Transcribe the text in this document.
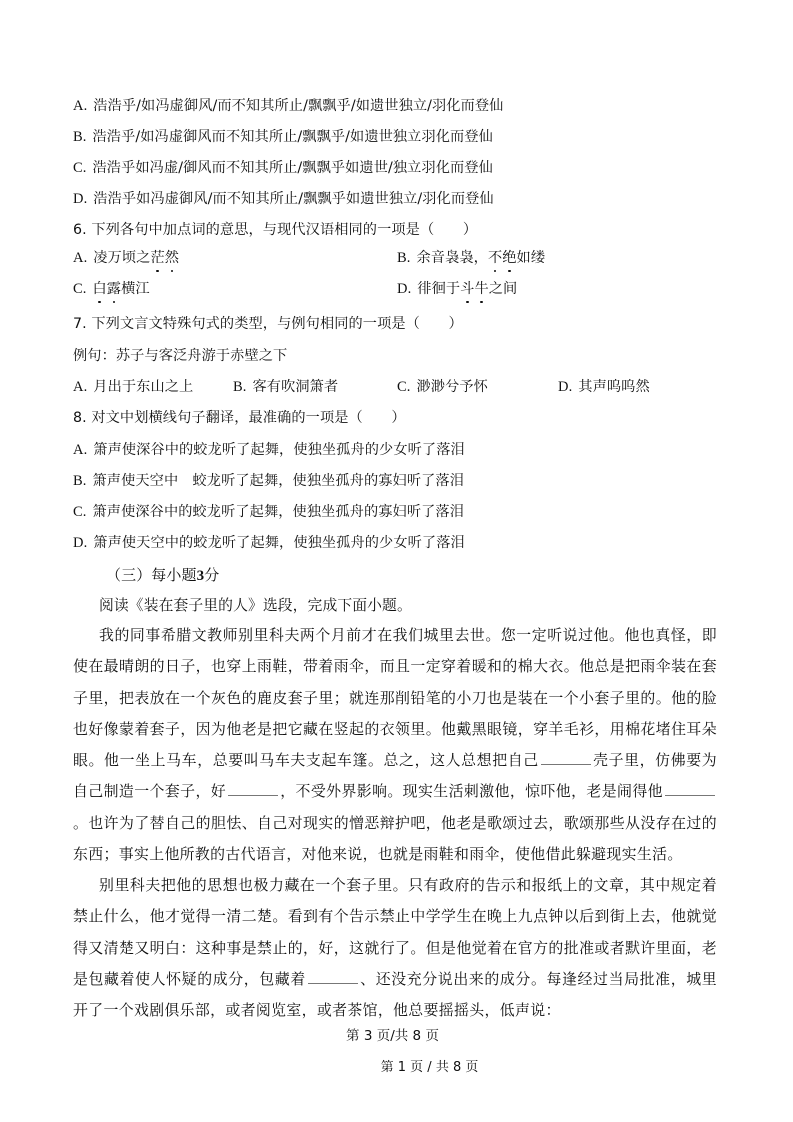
A. 浩浩乎/如冯虚御风/而不知其所止/飘飘乎/如遗世独立/羽化而登仙
B. 浩浩乎/如冯虚御风而不知其所止/飘飘乎/如遗世独立羽化而登仙
C. 浩浩乎如冯虚/御风而不知其所止/飘飘乎如遗世/独立羽化而登仙
D. 浩浩乎如冯虚御风/而不知其所止/飘飘乎如遗世独立/羽化而登仙
6. 下列各句中加点词的意思，与现代汉语相同的一项是（　　）
A. 凌万顷之茫然	B. 余音袅袅，不绝如缕
C. 白露横江	D. 徘徊于斗牛之间
7. 下列文言文特殊句式的类型，与例句相同的一项是（　　）
例句：苏子与客泛舟游于赤壁之下
A. 月出于东山之上	B. 客有吹洞箫者	C. 渺渺兮予怀	D. 其声呜呜然
8. 对文中划横线句子翻译，最准确的一项是（　　）
A. 箫声使深谷中的蛟龙听了起舞，使独坐孤舟的少女听了落泪
B. 箫声使天空中　蛟龙听了起舞，使独坐孤舟的寡妇听了落泪
C. 箫声使深谷中的蛟龙听了起舞，使独坐孤舟的寡妇听了落泪
D. 箫声使天空中的蛟龙听了起舞，使独坐孤舟的少女听了落泪
（三）每小题3分
阅读《装在套子里的人》选段，完成下面小题。
我的同事希腊文教师别里科夫两个月前才在我们城里去世。您一定听说过他。他也真怪，即使在最晴朗的日子，也穿上雨鞋，带着雨伞，而且一定穿着暖和的棉大衣。他总是把雨伞装在套子里，把表放在一个灰色的鹿皮套子里；就连那削铅笔的小刀也是装在一个小套子里的。他的脸也好像蒙着套子，因为他老是把它藏在竖起的衣领里。他戴黑眼镜，穿羊毛衫，用棉花堵住耳朵眼。他一坐上马车，总要叫马车夫支起车篷。总之，这人总想把自己	壳子里，仿佛要为自己制造一个套子，好	，不受外界影响。现实生活刺激他，惊吓他，老是闹得他。也许为了替自己的胆怯、自己对现实的憎恶辩护吧，他老是歌颂过去，歌颂那些从没存在过的东西；事实上他所教的古代语言，对他来说，也就是雨鞋和雨伞，使他借此躲避现实生活。
别里科夫把他的思想也极力藏在一个套子里。只有政府的告示和报纸上的文章，其中规定着禁止什么，他才觉得一清二楚。看到有个告示禁止中学学生在晚上九点钟以后到街上去，他就觉得又清楚又明白：这种事是禁止的，好，这就行了。但是他觉着在官方的批准或者默许里面，老是包藏着使人怀疑的成分，包藏着	、还没充分说出来的成分。每逢经过当局批准，城里开了一个戏剧俱乐部，或者阅览室，或者茶馆，他总要摇摇头，低声说：
第 3 页/共 8 页
第 1 页 / 共 8 页
